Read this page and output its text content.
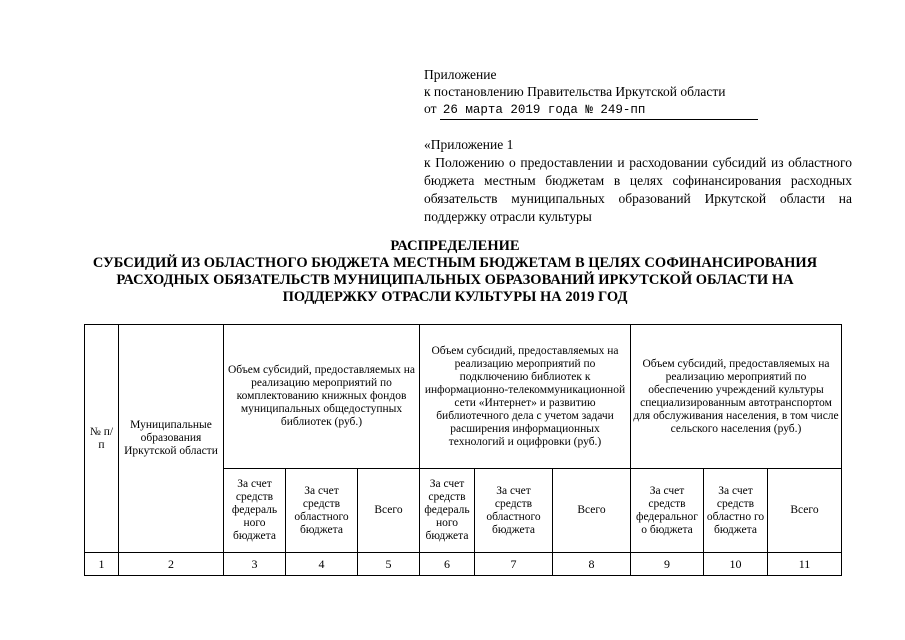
Приложение
к постановлению Правительства Иркутской области
от 26 марта 2019 года № 249-пп
«Приложение 1
к Положению о предоставлении и расходовании субсидий из областного бюджета местным бюджетам в целях софинансирования расходных обязательств муниципальных образований Иркутской области на поддержку отрасли культуры
РАСПРЕДЕЛЕНИЕ
СУБСИДИЙ ИЗ ОБЛАСТНОГО БЮДЖЕТА МЕСТНЫМ БЮДЖЕТАМ В ЦЕЛЯХ СОФИНАНСИРОВАНИЯ
РАСХОДНЫХ ОБЯЗАТЕЛЬСТВ МУНИЦИПАЛЬНЫХ ОБРАЗОВАНИЙ ИРКУТСКОЙ ОБЛАСТИ НА
ПОДДЕРЖКУ ОТРАСЛИ КУЛЬТУРЫ НА 2019 ГОД
№ п/п	Муниципальные образования Иркутской области	Объем субсидий, предоставляемых на реализацию мероприятий по комплектованию книжных фондов муниципальных общедоступных библиотек (руб.)			Объем субсидий, предоставляемых на реализацию мероприятий по подключению библиотек к информационно-телекоммуникационной сети «Интернет» и развитию библиотечного дела с учетом задачи расширения информационных технологий и оцифровки (руб.)			Объем субсидий, предоставляемых на реализацию мероприятий по обеспечению учреждений культуры специализированным автотранспортом для обслуживания населения, в том числе сельского населения (руб.)		
		За счет средств федераль ного бюджета	За счет средств областного бюджета	Всего	За счет средств федераль ного бюджета	За счет средств областного бюджета	Всего	За счет средств федеральног о бюджета	За счет средств областно го бюджета	Всего
1	2	3	4	5	6	7	8	9	10	11
